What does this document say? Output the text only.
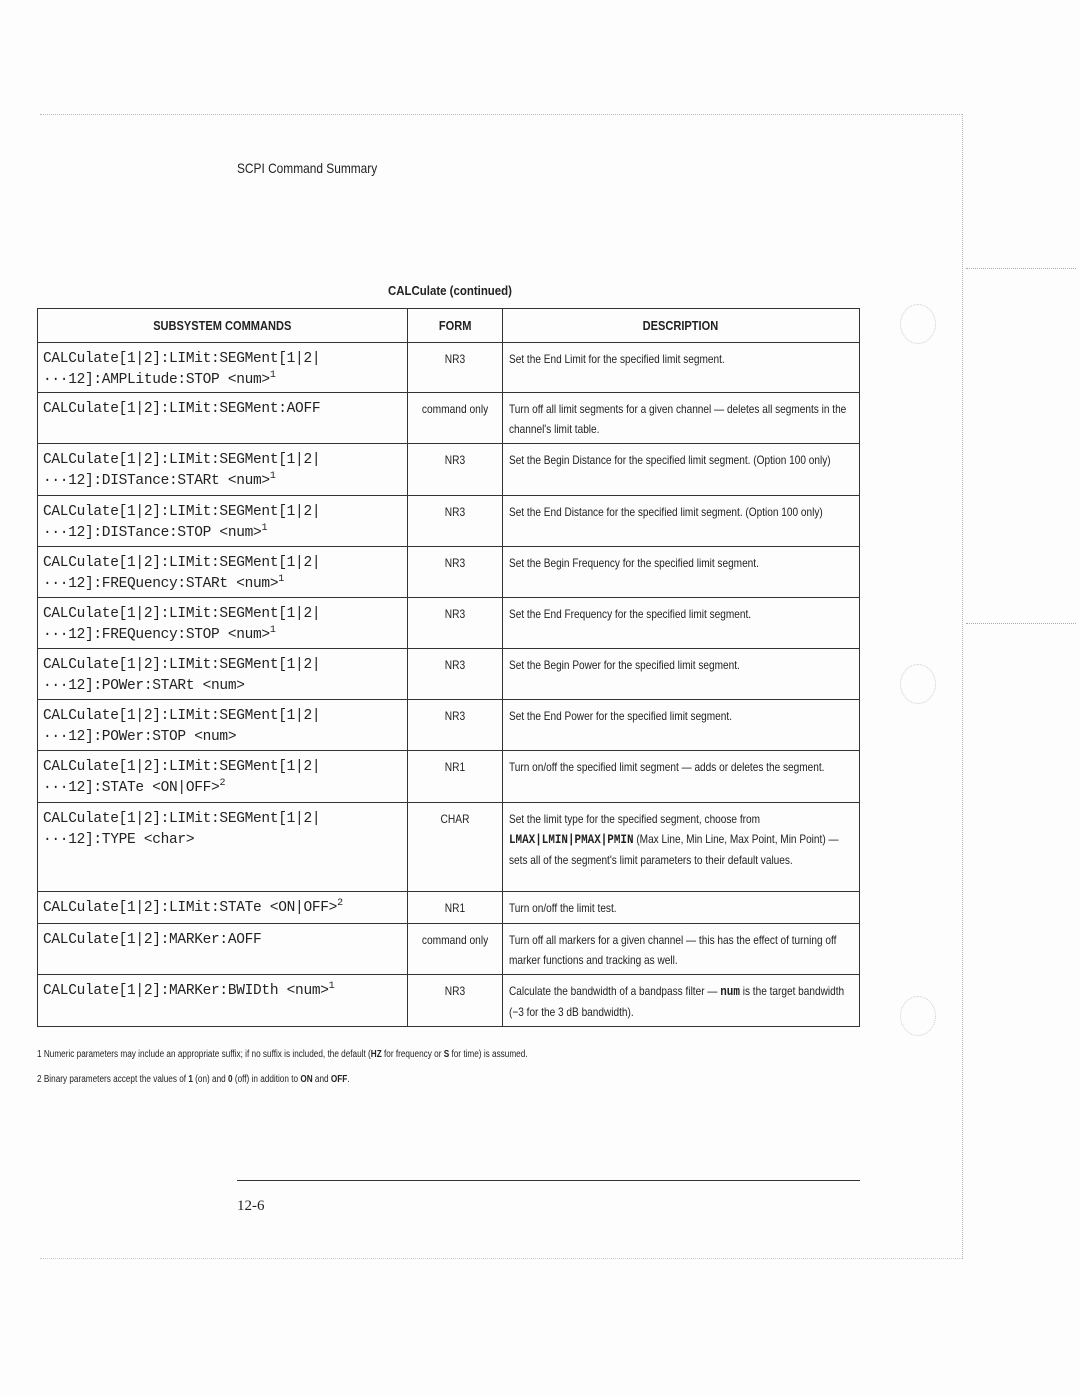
SCPI Command Summary
CALCulate (continued)
SUBSYSTEM COMMANDS	FORM	DESCRIPTION
CALCulate[1|2]:LIMit:SEGMent[1|2|
···12]:AMPLitude:STOP <num>$^1$	NR3	Set the End Limit for the specified limit segment.
CALCulate[1|2]:LIMit:SEGMent:AOFF	command only	Turn off all limit segments for a given channel — deletes all segments in the channel's limit table.
CALCulate[1|2]:LIMit:SEGMent[1|2|
···12]:DISTance:STARt <num>$^1$	NR3	Set the Begin Distance for the specified limit segment. (Option 100 only)
CALCulate[1|2]:LIMit:SEGMent[1|2|
···12]:DISTance:STOP <num>$^1$	NR3	Set the End Distance for the specified limit segment. (Option 100 only)
CALCulate[1|2]:LIMit:SEGMent[1|2|
···12]:FREQuency:STARt <num>$^1$	NR3	Set the Begin Frequency for the specified limit segment.
CALCulate[1|2]:LIMit:SEGMent[1|2|
···12]:FREQuency:STOP <num>$^1$	NR3	Set the End Frequency for the specified limit segment.
CALCulate[1|2]:LIMit:SEGMent[1|2|
···12]:POWer:STARt <num>	NR3	Set the Begin Power for the specified limit segment.
CALCulate[1|2]:LIMit:SEGMent[1|2|
···12]:POWer:STOP <num>	NR3	Set the End Power for the specified limit segment.
CALCulate[1|2]:LIMit:SEGMent[1|2|
···12]:STATe <ON|OFF>$^2$	NR1	Turn on/off the specified limit segment — adds or deletes the segment.
CALCulate[1|2]:LIMit:SEGMent[1|2|
···12]:TYPE <char>	CHAR	Set the limit type for the specified segment, choose from LMAX|LMIN|PMAX|PMIN (Max Line, Min Line, Max Point, Min Point) — sets all of the segment's limit parameters to their default values.
CALCulate[1|2]:LIMit:STATe <ON|OFF>$^2$	NR1	Turn on/off the limit test.
CALCulate[1|2]:MARKer:AOFF	command only	Turn off all markers for a given channel — this has the effect of turning off marker functions and tracking as well.
CALCulate[1|2]:MARKer:BWIDth <num>$^1$	NR3	Calculate the bandwidth of a bandpass filter — num is the target bandwidth (−3 for the 3 dB bandwidth).
1 Numeric parameters may include an appropriate suffix; if no suffix is included, the default (HZ for frequency or S for time) is assumed.
2 Binary parameters accept the values of 1 (on) and 0 (off) in addition to ON and OFF.
12-6
